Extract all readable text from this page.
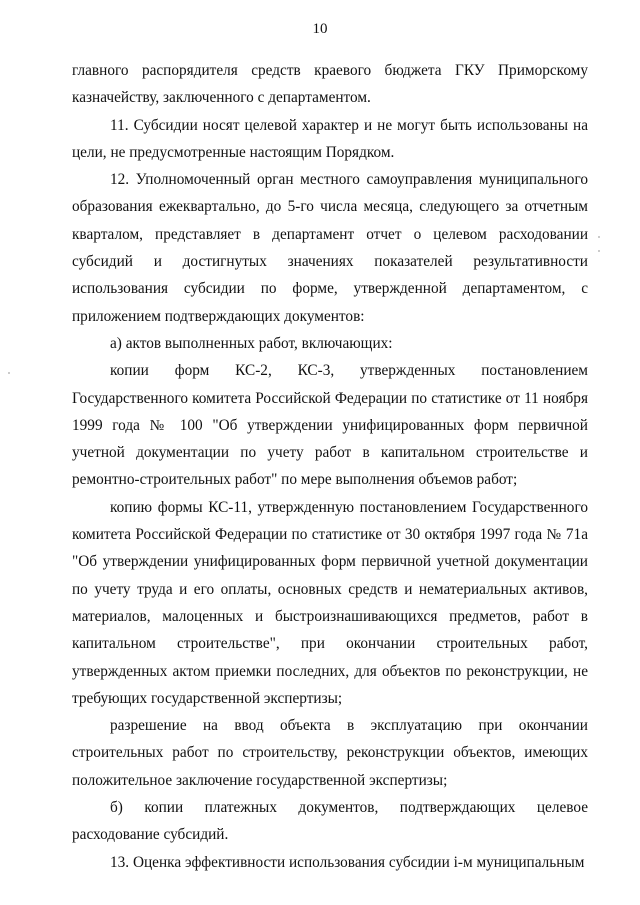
10

главного распорядителя средств краевого бюджета ГКУ Приморскому казначейству, заключенного с департаментом.

11. Субсидии носят целевой характер и не могут быть использованы на цели, не предусмотренные настоящим Порядком.

12. Уполномоченный орган местного самоуправления муниципального образования ежеквартально, до 5-го числа месяца, следующего за отчетным кварталом, представляет в департамент отчет о целевом расходовании субсидий и достигнутых значениях показателей результативности использования субсидии по форме, утвержденной департаментом, с приложением подтверждающих документов:

а) актов выполненных работ, включающих:

копии форм КС-2, КС-3, утвержденных постановлением Государственного комитета Российской Федерации по статистике от 11 ноября 1999 года № 100 "Об утверждении унифицированных форм первичной учетной документации по учету работ в капитальном строительстве и ремонтно-строительных работ" по мере выполнения объемов работ;

копию формы КС-11, утвержденную постановлением Государственного комитета Российской Федерации по статистике от 30 октября 1997 года № 71а "Об утверждении унифицированных форм первичной учетной документации по учету труда и его оплаты, основных средств и нематериальных активов, материалов, малоценных и быстроизнашивающихся предметов, работ в капитальном строительстве", при окончании строительных работ, утвержденных актом приемки последних, для объектов по реконструкции, не требующих государственной экспертизы;

разрешение на ввод объекта в эксплуатацию при окончании строительных работ по строительству, реконструкции объектов, имеющих положительное заключение государственной экспертизы;

б) копии платежных документов, подтверждающих целевое расходование субсидий.

13. Оценка эффективности использования субсидии i-м муниципальным
